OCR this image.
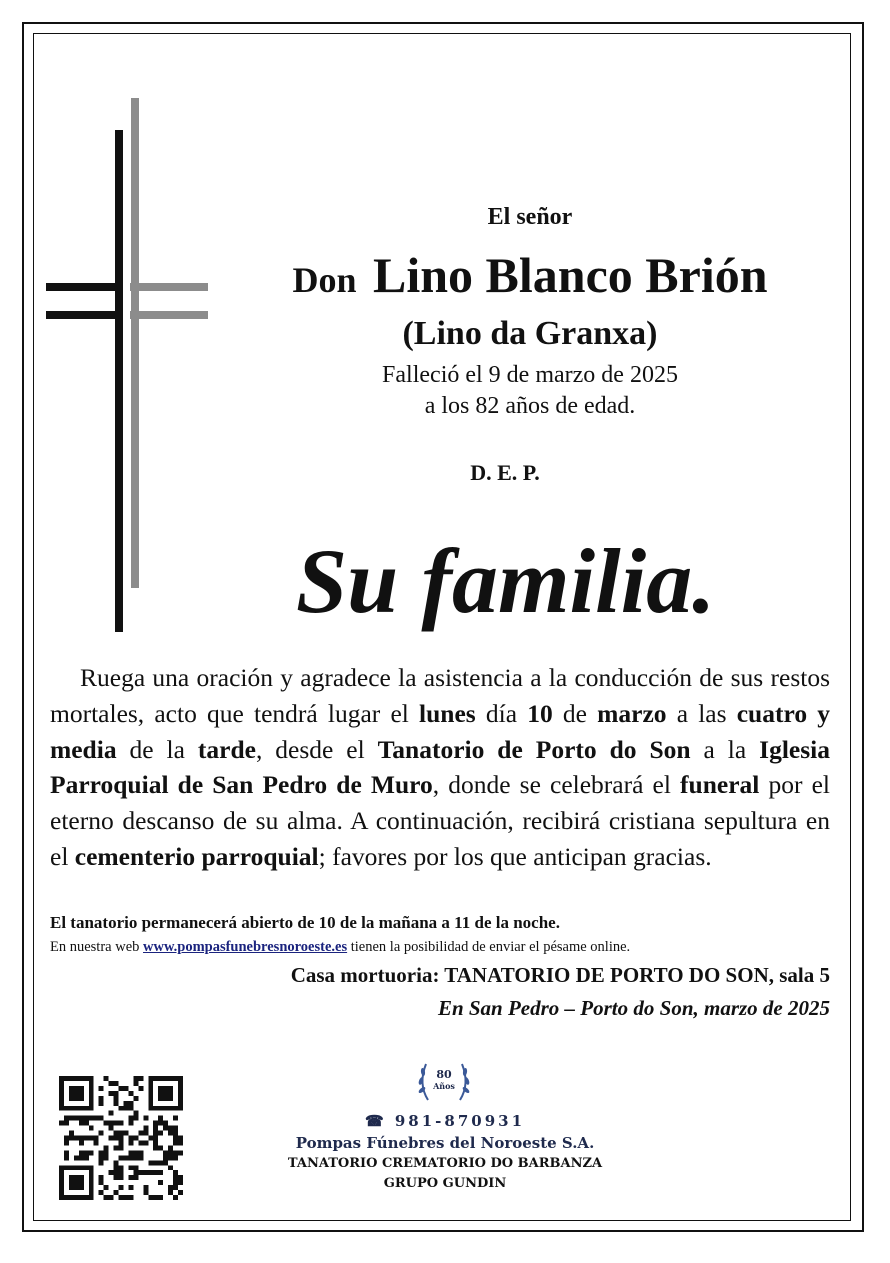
El señor
Don Lino Blanco Brión
(Lino da Granxa)
Falleció el 9 de marzo de 2025
a los 82 años de edad.
D. E. P.
Su familia.
Ruega una oración y agradece la asistencia a la conducción de sus restos mortales, acto que tendrá lugar el lunes día 10 de marzo a las cuatro y media de la tarde, desde el Tanatorio de Porto do Son a la Iglesia Parroquial de San Pedro de Muro, donde se celebrará el funeral por el eterno descanso de su alma. A continuación, recibirá cristiana sepultura en el cementerio parroquial; favores por los que anticipan gracias.
El tanatorio permanecerá abierto de 10 de la mañana a 11 de la noche.
En nuestra web www.pompasfunebresnoroeste.es tienen la posibilidad de enviar el pésame online.
Casa mortuoria: TANATORIO DE PORTO DO SON, sala 5
En San Pedro – Porto do Son, marzo de 2025
80
Años
☎ 981-870931
Pompas Fúnebres del Noroeste S.A.
TANATORIO CREMATORIO DO BARBANZA
GRUPO GUNDIN
